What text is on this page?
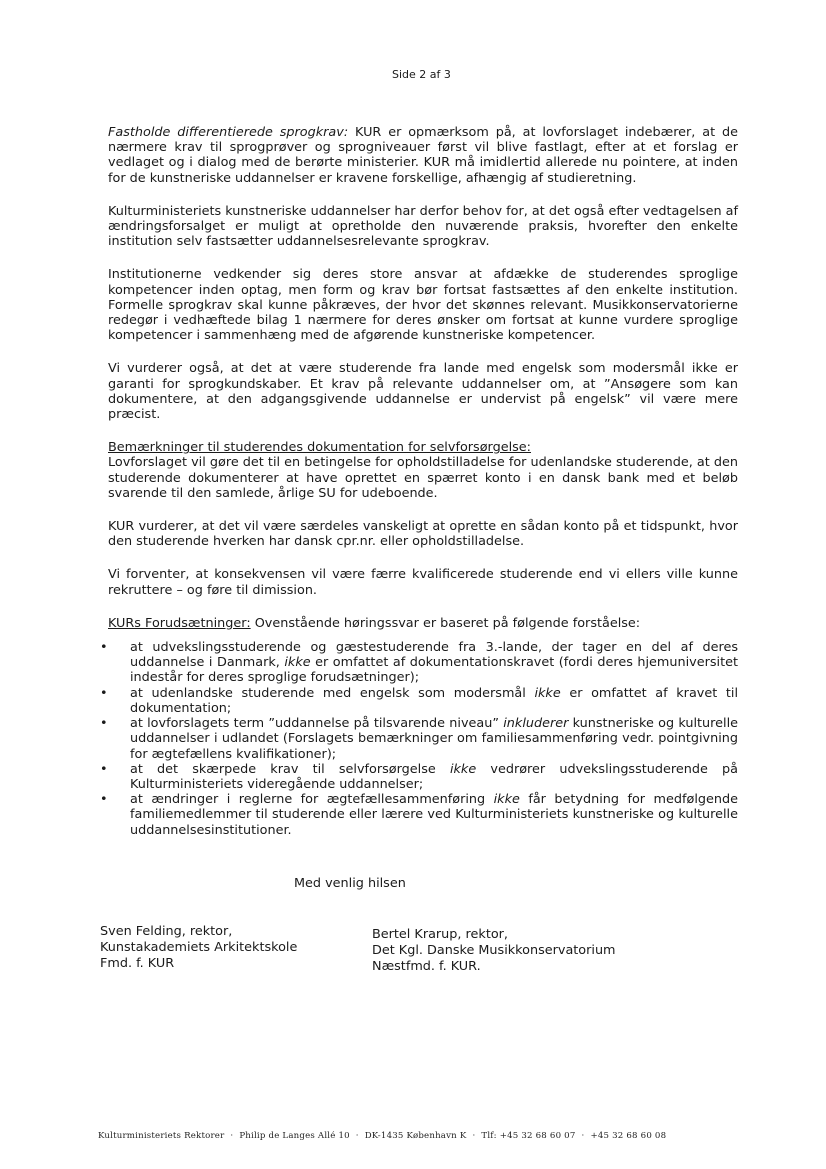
Side 2 af 3

Fastholde differentierede sprogkrav: KUR er opmærksom på, at lovforslaget indebærer, at de nærmere krav til sprogprøver og sprogniveauer først vil blive fastlagt, efter at et forslag er vedlaget og i dialog med de berørte ministerier. KUR må imidlertid allerede nu pointere, at inden for de kunstneriske uddannelser er kravene forskellige, afhængig af studieretning.

Kulturministeriets kunstneriske uddannelser har derfor behov for, at det også efter vedtagelsen af ændringsforsalget er muligt at opretholde den nuværende praksis, hvorefter den enkelte institution selv fastsætter uddannelsesrelevante sprogkrav.

Institutionerne vedkender sig deres store ansvar at afdække de studerendes sproglige kompetencer inden optag, men form og krav bør fortsat fastsættes af den enkelte institution. Formelle sprogkrav skal kunne påkræves, der hvor det skønnes relevant. Musikkonservatorierne redegør i vedhæftede bilag 1 nærmere for deres ønsker om fortsat at kunne vurdere sproglige kompetencer i sammenhæng med de afgørende kunstneriske kompetencer.

Vi vurderer også, at det at være studerende fra lande med engelsk som modersmål ikke er garanti for sprogkundskaber. Et krav på relevante uddannelser om, at ”Ansøgere som kan dokumentere, at den adgangsgivende uddannelse er undervist på engelsk” vil være mere præcist.

Bemærkninger til studerendes dokumentation for selvforsørgelse:
Lovforslaget vil gøre det til en betingelse for opholdstilladelse for udenlandske studerende, at den studerende dokumenterer at have oprettet en spærret konto i en dansk bank med et beløb svarende til den samlede, årlige SU for udeboende.

KUR vurderer, at det vil være særdeles vanskeligt at oprette en sådan konto på et tidspunkt, hvor den studerende hverken har dansk cpr.nr. eller opholdstilladelse.

Vi forventer, at konsekvensen vil være færre kvalificerede studerende end vi ellers ville kunne rekruttere – og føre til dimission.

KURs Forudsætninger: Ovenstående høringssvar er baseret på følgende forståelse:

• at udvekslingsstuderende og gæstestuderende fra 3.-lande, der tager en del af deres uddannelse i Danmark, ikke er omfattet af dokumentationskravet (fordi deres hjemuniversitet indestår for deres sproglige forudsætninger);
• at udenlandske studerende med engelsk som modersmål ikke er omfattet af kravet til dokumentation;
• at lovforslagets term ”uddannelse på tilsvarende niveau” inkluderer kunstneriske og kulturelle uddannelser i udlandet (Forslagets bemærkninger om familiesammenføring vedr. pointgivning for ægtefællens kvalifikationer);
• at det skærpede krav til selvforsørgelse ikke vedrører udvekslingsstuderende på Kulturministeriets videregående uddannelser;
• at ændringer i reglerne for ægtefællesammenføring ikke får betydning for medfølgende familiemedlemmer til studerende eller lærere ved Kulturministeriets kunstneriske og kulturelle uddannelsesinstitutioner.
Med venlig hilsen
Sven Felding, rektor,
Kunstakademiets Arkitektskole
Fmd. f. KUR
Bertel Krarup, rektor,
Det Kgl. Danske Musikkonservatorium
Næstfmd. f. KUR.
Kulturministeriets Rektorer · Philip de Langes Allé 10 · DK-1435 København K · Tlf: +45 32 68 60 07 · +45 32 68 60 08
